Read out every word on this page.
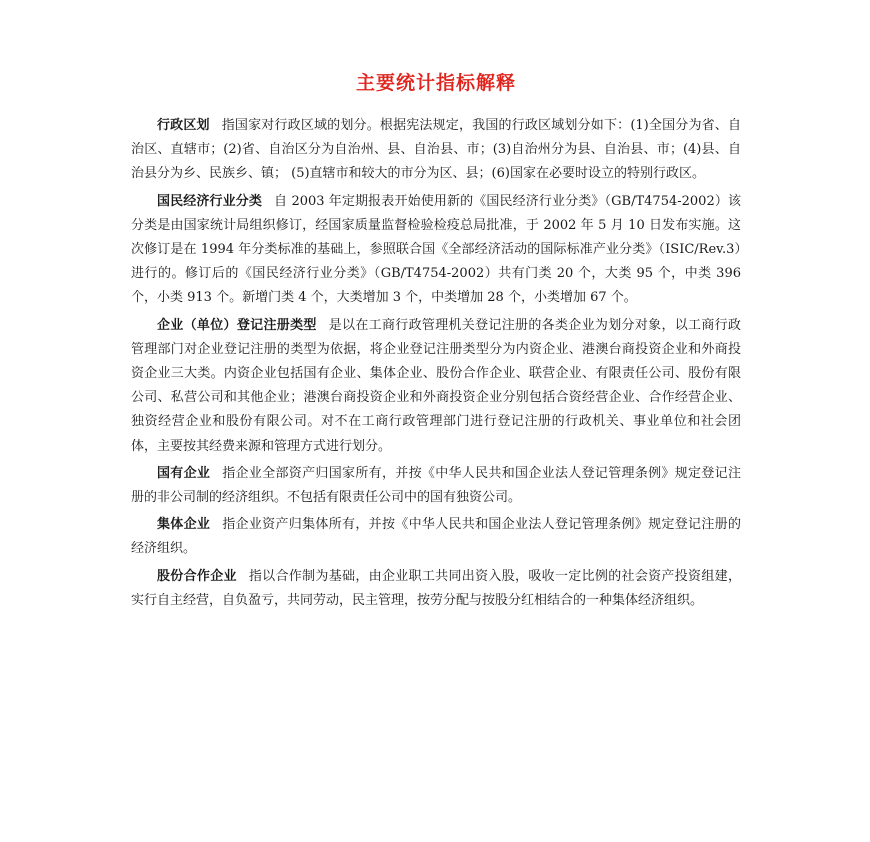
主要统计指标解释

行政区划 指国家对行政区域的划分。根据宪法规定，我国的行政区域划分如下：(1)全国分为省、自治区、直辖市；(2)省、自治区分为自治州、县、自治县、市；(3)自治州分为县、自治县、市；(4)县、自治县分为乡、民族乡、镇； (5)直辖市和较大的市分为区、县；(6)国家在必要时设立的特别行政区。

国民经济行业分类 自 2003 年定期报表开始使用新的《国民经济行业分类》（GB/T4754-2002）该分类是由国家统计局组织修订，经国家质量监督检验检疫总局批准，于 2002 年 5 月 10 日发布实施。这次修订是在 1994 年分类标准的基础上，参照联合国《全部经济活动的国际标准产业分类》（ISIC/Rev.3）进行的。修订后的《国民经济行业分类》（GB/T4754-2002）共有门类 20 个，大类 95 个，中类 396 个，小类 913 个。新增门类 4 个，大类增加 3 个，中类增加 28 个，小类增加 67 个。

企业（单位）登记注册类型 是以在工商行政管理机关登记注册的各类企业为划分对象，以工商行政管理部门对企业登记注册的类型为依据，将企业登记注册类型分为内资企业、港澳台商投资企业和外商投资企业三大类。内资企业包括国有企业、集体企业、股份合作企业、联营企业、有限责任公司、股份有限公司、私营公司和其他企业；港澳台商投资企业和外商投资企业分别包括合资经营企业、合作经营企业、独资经营企业和股份有限公司。对不在工商行政管理部门进行登记注册的行政机关、事业单位和社会团体，主要按其经费来源和管理方式进行划分。

国有企业 指企业全部资产归国家所有，并按《中华人民共和国企业法人登记管理条例》规定登记注册的非公司制的经济组织。不包括有限责任公司中的国有独资公司。

集体企业 指企业资产归集体所有，并按《中华人民共和国企业法人登记管理条例》规定登记注册的经济组织。

股份合作企业 指以合作制为基础，由企业职工共同出资入股，吸收一定比例的社会资产投资组建，实行自主经营，自负盈亏，共同劳动，民主管理，按劳分配与按股分红相结合的一种集体经济组织。
